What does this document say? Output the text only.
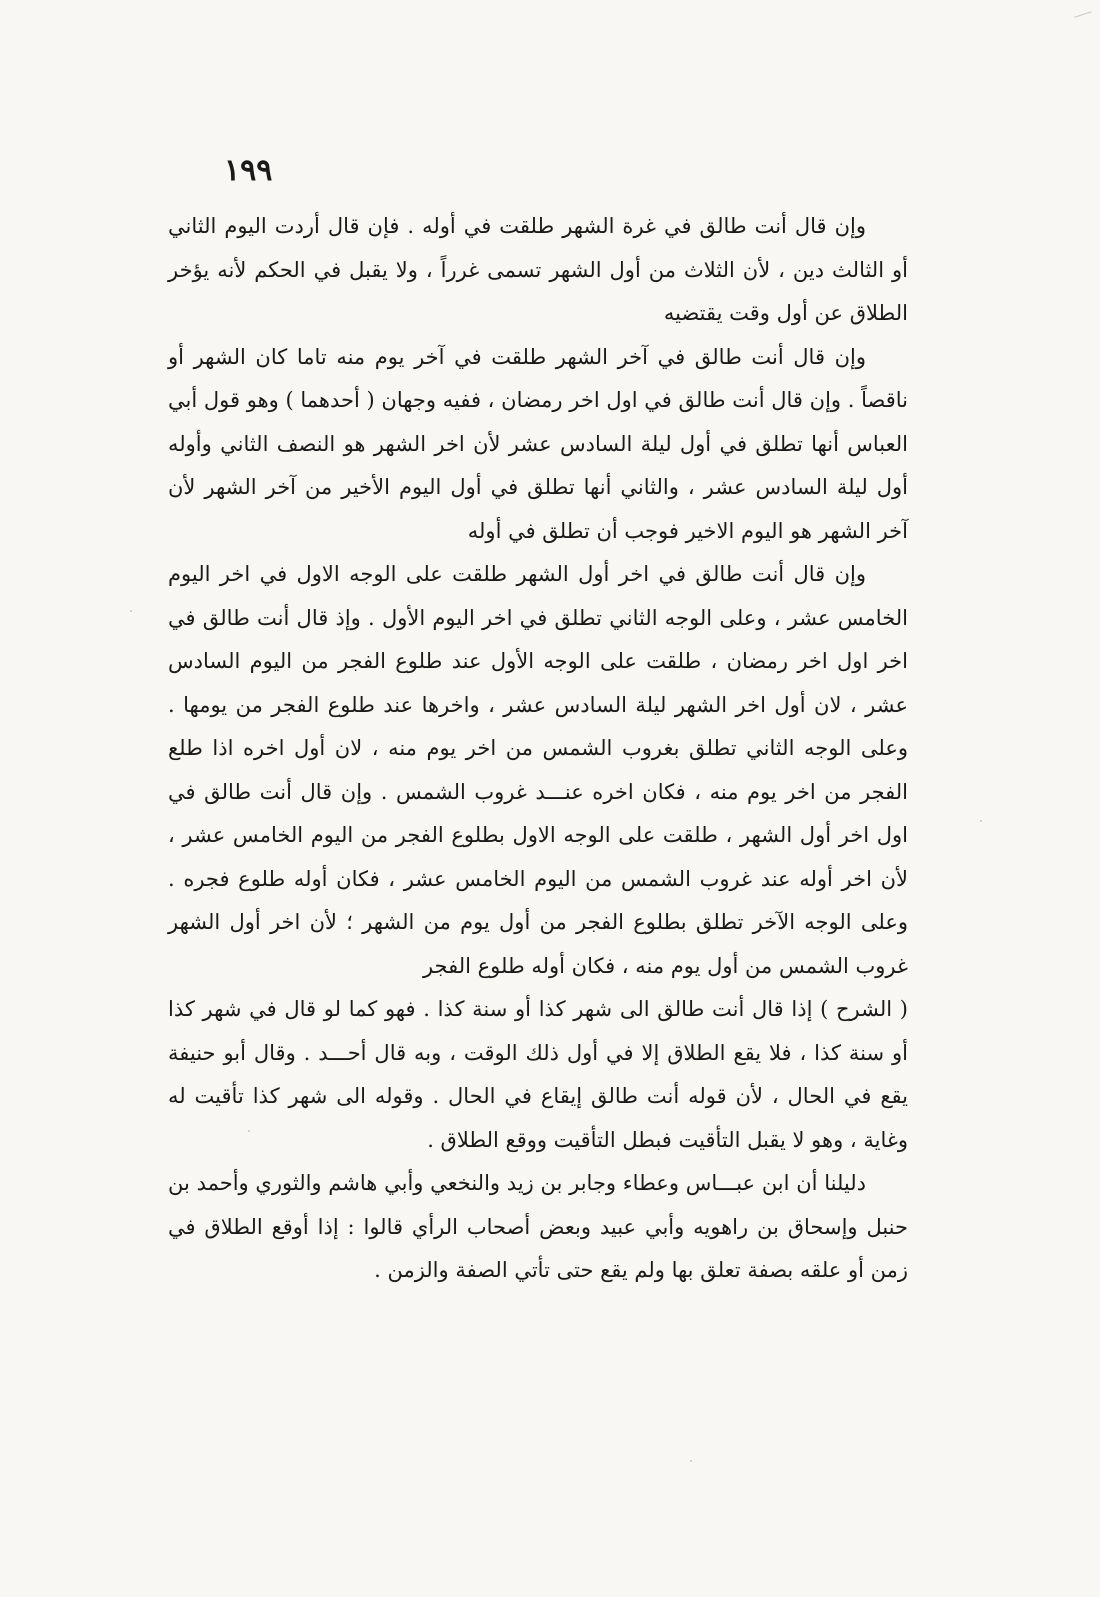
١٩٩

وإن قال أنت طالق في غرة الشهر طلقت في أوله . فإن قال أردت اليوم الثاني أو الثالث دين ، لأن الثلاث من أول الشهر تسمى غرراً ، ولا يقبل في الحكم لأنه يؤخر الطلاق عن أول وقت يقتضيه

وإن قال أنت طالق في آخر الشهر طلقت في آخر يوم منه تاما كان الشهر أو ناقصاً . وإن قال أنت طالق في اول اخر رمضان ، ففيه وجهان ( أحدهما ) وهو قول أبي العباس أنها تطلق في أول ليلة السادس عشر لأن اخر الشهر هو النصف الثاني وأوله أول ليلة السادس عشر ، والثاني أنها تطلق في أول اليوم الأخير من آخر الشهر لأن آخر الشهر هو اليوم الاخير فوجب أن تطلق في أوله

وإن قال أنت طالق في اخر أول الشهر طلقت على الوجه الاول في اخر اليوم الخامس عشر ، وعلى الوجه الثاني تطلق في اخر اليوم الأول . وإذ قال أنت طالق في اخر اول اخر رمضان ، طلقت على الوجه الأول عند طلوع الفجر من اليوم السادس عشر ، لان أول اخر الشهر ليلة السادس عشر ، واخرها عند طلوع الفجر من يومها . وعلى الوجه الثاني تطلق بغروب الشمس من اخر يوم منه ، لان أول اخره اذا طلع الفجر من اخر يوم منه ، فكان اخره عنـــد غروب الشمس . وإن قال أنت طالق في اول اخر أول الشهر ، طلقت على الوجه الاول بطلوع الفجر من اليوم الخامس عشر ، لأن اخر أوله عند غروب الشمس من اليوم الخامس عشر ، فكان أوله طلوع فجره . وعلى الوجه الآخر تطلق بطلوع الفجر من أول يوم من الشهر ؛ لأن اخر أول الشهر غروب الشمس من أول يوم منه ، فكان أوله طلوع الفجر

( الشرح ) إذا قال أنت طالق الى شهر كذا أو سنة كذا . فهو كما لو قال في شهر كذا أو سنة كذا ، فلا يقع الطلاق إلا في أول ذلك الوقت ، وبه قال أحـــد . وقال أبو حنيفة يقع في الحال ، لأن قوله أنت طالق إيقاع في الحال . وقوله الى شهر كذا تأقيت له وغاية ، وهو لا يقبل التأقيت فبطل التأقيت ووقع الطلاق .

دليلنا أن ابن عبـــاس وعطاء وجابر بن زيد والنخعي وأبي هاشم والثوري وأحمد بن حنبل وإسحاق بن راهويه وأبي عبيد وبعض أصحاب الرأي قالوا : إذا أوقع الطلاق في زمن أو علقه بصفة تعلق بها ولم يقع حتى تأتي الصفة والزمن .
